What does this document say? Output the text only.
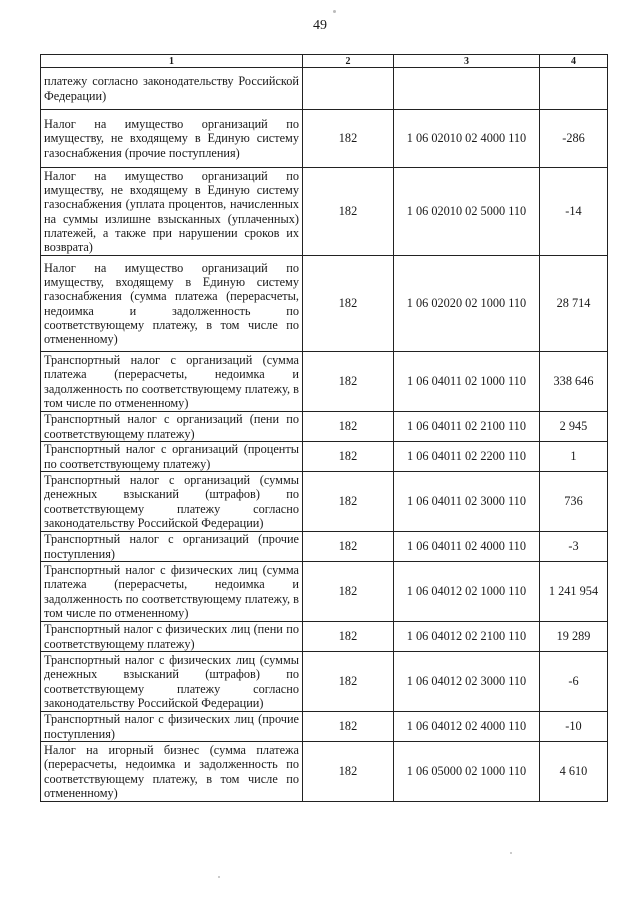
49
1	2	3	4
платежу согласно законодательству Российской Федерации)			
Налог на имущество организаций по имуществу, не входящему в Единую систему газоснабжения (прочие поступления)	182	1 06 02010 02 4000 110	-286
Налог на имущество организаций по имуществу, не входящему в Единую систему газоснабжения (уплата процентов, начисленных на суммы излишне взысканных (уплаченных) платежей, а также при нарушении сроков их возврата)	182	1 06 02010 02 5000 110	-14
Налог на имущество организаций по имуществу, входящему в Единую систему газоснабжения (сумма платежа (перерасчеты, недоимка и задолженность по соответствующему платежу, в том числе по отмененному)	182	1 06 02020 02 1000 110	28 714
Транспортный налог с организаций (сумма платежа (перерасчеты, недоимка и задолженность по соответствующему платежу, в том числе по отмененному)	182	1 06 04011 02 1000 110	338 646
Транспортный налог с организаций (пени по соответствующему платежу)	182	1 06 04011 02 2100 110	2 945
Транспортный налог с организаций (проценты по соответствующему платежу)	182	1 06 04011 02 2200 110	1
Транспортный налог с организаций (суммы денежных взысканий (штрафов) по соответствующему платежу согласно законодательству Российской Федерации)	182	1 06 04011 02 3000 110	736
Транспортный налог с организаций (прочие поступления)	182	1 06 04011 02 4000 110	-3
Транспортный налог с физических лиц (сумма платежа (перерасчеты, недоимка и задолженность по соответствующему платежу, в том числе по отмененному)	182	1 06 04012 02 1000 110	1 241 954
Транспортный налог с физических лиц (пени по соответствующему платежу)	182	1 06 04012 02 2100 110	19 289
Транспортный налог с физических лиц (суммы денежных взысканий (штрафов) по соответствующему платежу согласно законодательству Российской Федерации)	182	1 06 04012 02 3000 110	-6
Транспортный налог с физических лиц (прочие поступления)	182	1 06 04012 02 4000 110	-10
Налог на игорный бизнес (сумма платежа (перерасчеты, недоимка и задолженность по соответствующему платежу, в том числе по отмененному)	182	1 06 05000 02 1000 110	4 610
